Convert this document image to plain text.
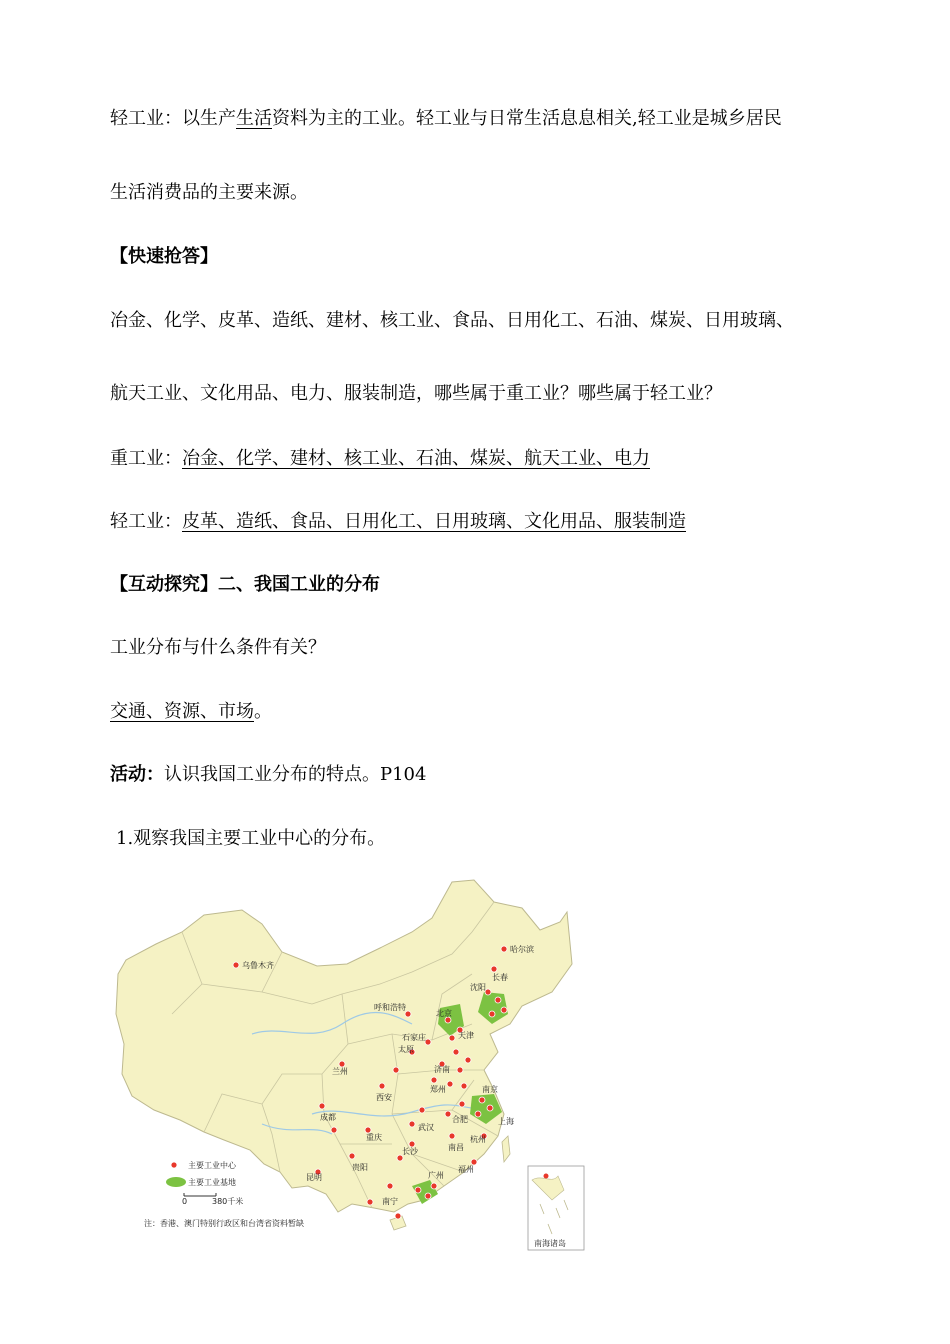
轻工业：以生产生活资料为主的工业。轻工业与日常生活息息相关,轻工业是城乡居民
生活消费品的主要来源。
【快速抢答】
冶金、化学、皮革、造纸、建材、核工业、食品、日用化工、石油、煤炭、日用玻璃、
航天工业、文化用品、电力、服装制造，哪些属于重工业？哪些属于轻工业？
重工业：冶金、化学、建材、核工业、石油、煤炭、航天工业、电力
轻工业：皮革、造纸、食品、日用化工、日用玻璃、文化用品、服装制造
【互动探究】二、我国工业的分布
工业分布与什么条件有关？
交通、资源、市场。
活动：认识我国工业分布的特点。P104
1.观察我国主要工业中心的分布。
乌鲁木齐
哈尔滨
长春
沈阳
呼和浩特
北京
天津
石家庄
太原
济南
兰州
郑州
西安
南京
合肥	上海
成都
武汉
重庆	杭州
南昌
长沙
福州
贵阳
昆明	广州
南宁
主要工业中心
主要工业基地
0	380千米
注：香港、澳门特别行政区和台湾省资料暂缺
南海诸岛
